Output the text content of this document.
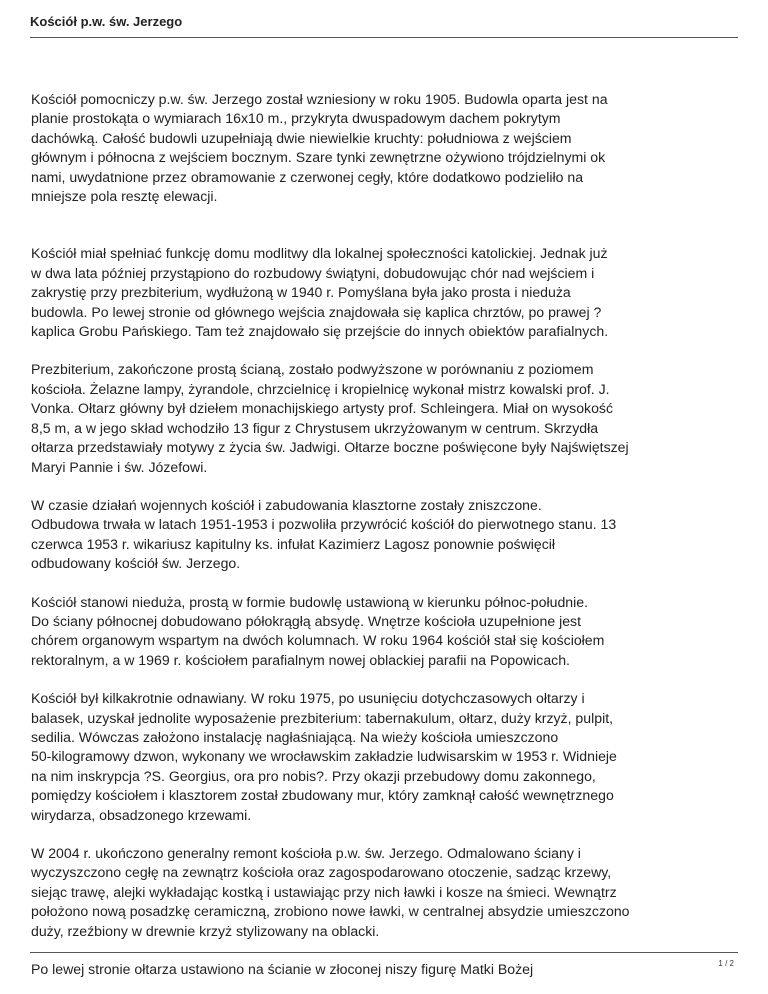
Kościół p.w. św. Jerzego

Kościół pomocniczy p.w. św. Jerzego został wzniesiony w roku 1905. Budowla oparta jest na
planie prostokąta o wymiarach 16x10 m., przykryta dwuspadowym dachem pokrytym
dachówką. Całość budowli uzupełniają dwie niewielkie kruchty: południowa z wejściem
głównym i północna z wejściem bocznym. Szare tynki zewnętrzne ożywiono trójdzielnymi ok
nami, uwydatnione przez obramowanie z czerwonej cegły, które dodatkowo podzieliło na
mniejsze pola resztę elewacji.

Kościół miał spełniać funkcję domu modlitwy dla lokalnej społeczności katolickiej. Jednak już
w dwa lata później przystąpiono do rozbudowy świątyni, dobudowując chór nad wejściem i
zakrystię przy prezbiterium, wydłużoną w 1940 r. Pomyślana była jako prosta i nieduża
budowla. Po lewej stronie od głównego wejścia znajdowała się kaplica chrztów, po prawej ?
kaplica Grobu Pańskiego. Tam też znajdowało się przejście do innych obiektów parafialnych.

Prezbiterium, zakończone prostą ścianą, zostało podwyższone w porównaniu z poziomem
kościoła. Żelazne lampy, żyrandole, chrzcielnicę i kropielnicę wykonał mistrz kowalski prof. J.
Vonka. Ołtarz główny był dziełem monachijskiego artysty prof. Schleingera. Miał on wysokość
8,5 m, a w jego skład wchodziło 13 figur z Chrystusem ukrzyżowanym w centrum. Skrzydła
ołtarza przedstawiały motywy z życia św. Jadwigi. Ołtarze boczne poświęcone były Najświętszej
Maryi Pannie i św. Józefowi.

W czasie działań wojennych kościół i zabudowania klasztorne zostały zniszczone.
Odbudowa trwała w latach 1951-1953 i pozwoliła przywrócić kościół do pierwotnego stanu. 13
czerwca 1953 r. wikariusz kapitulny ks. infułat Kazimierz Lagosz ponownie poświęcił
odbudowany kościół św. Jerzego.

Kościół stanowi nieduża, prostą w formie budowlę ustawioną w kierunku północ-południe.
Do ściany północnej dobudowano półokrągłą absydę. Wnętrze kościoła uzupełnione jest
chórem organowym wspartym na dwóch kolumnach. W roku 1964 kościół stał się kościołem
rektoralnym, a w 1969 r. kościołem parafialnym nowej oblackiej parafii na Popowicach.

Kościół był kilkakrotnie odnawiany. W roku 1975, po usunięciu dotychczasowych ołtarzy i
balasek, uzyskał jednolite wyposażenie prezbiterium: tabernakulum, ołtarz, duży krzyż, pulpit,
sedilia. Wówczas założono instalację nagłaśniającą. Na wieży kościoła umieszczono
50-kilogramowy dzwon, wykonany we wrocławskim zakładzie ludwisarskim w 1953 r. Widnieje
na nim inskrypcja ?S. Georgius, ora pro nobis?. Przy okazji przebudowy domu zakonnego,
pomiędzy kościołem i klasztorem został zbudowany mur, który zamknął całość wewnętrznego
wirydarza, obsadzonego krzewami.

W 2004 r. ukończono generalny remont kościoła p.w. św. Jerzego. Odmalowano ściany i
wyczyszczono cegłę na zewnątrz kościoła oraz zagospodarowano otoczenie, sadząc krzewy,
siejąc trawę, alejki wykładając kostką i ustawiając przy nich ławki i kosze na śmieci. Wewnątrz
położono nową posadzkę ceramiczną, zrobiono nowe ławki, w centralnej absydzie umieszczono
duży, rzeźbiony w drewnie krzyż stylizowany na oblacki.

Po lewej stronie ołtarza ustawiono na ścianie w złoconej niszy figurę Matki Bożej	1 / 2
